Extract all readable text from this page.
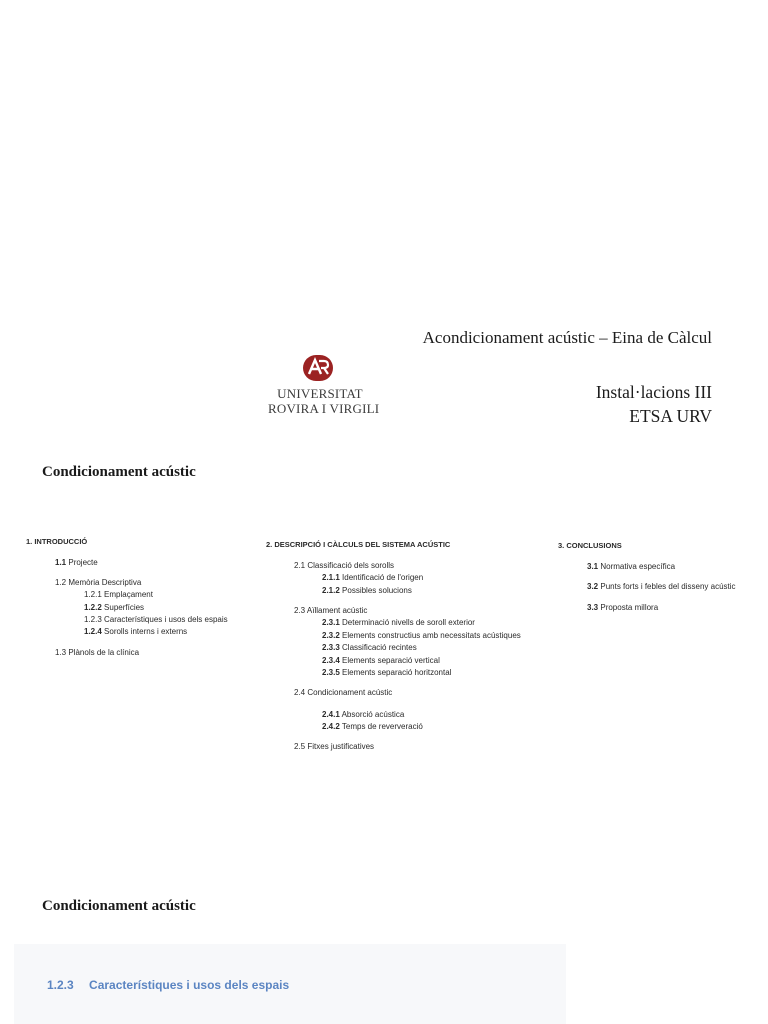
UNIVERSITAT
ROVIRA I VIRGILI
Acondicionament acústic – Eina de Càlcul
Instal·lacions III
ETSA URV
Condicionament acústic
1. INTRODUCCIÓ
1.1 Projecte
1.2 Memòria Descriptiva
1.2.1 Emplaçament
1.2.2 Superfícies
1.2.3 Característiques i usos dels espais
1.2.4 Sorolls interns i externs
1.3 Plànols de la clínica
2. DESCRIPCIÓ I CÀLCULS DEL SISTEMA ACÚSTIC
2.1 Classificació dels sorolls
2.1.1 Identificació de l'origen
2.1.2 Possibles solucions
2.3 Aïllament acústic
2.3.1 Determinació nivells de soroll exterior
2.3.2 Elements constructius amb necessitats acústiques
2.3.3 Classificació recintes
2.3.4 Elements separació vertical
2.3.5 Elements separació horitzontal
2.4 Condicionament acústic
2.4.1 Absorció acústica
2.4.2 Temps de reververació
2.5 Fitxes justificatives
3. CONCLUSIONS
3.1 Normativa específica
3.2 Punts forts i febles del disseny acústic
3.3 Proposta millora
Condicionament acústic
1.2.3 Característiques i usos dels espais
